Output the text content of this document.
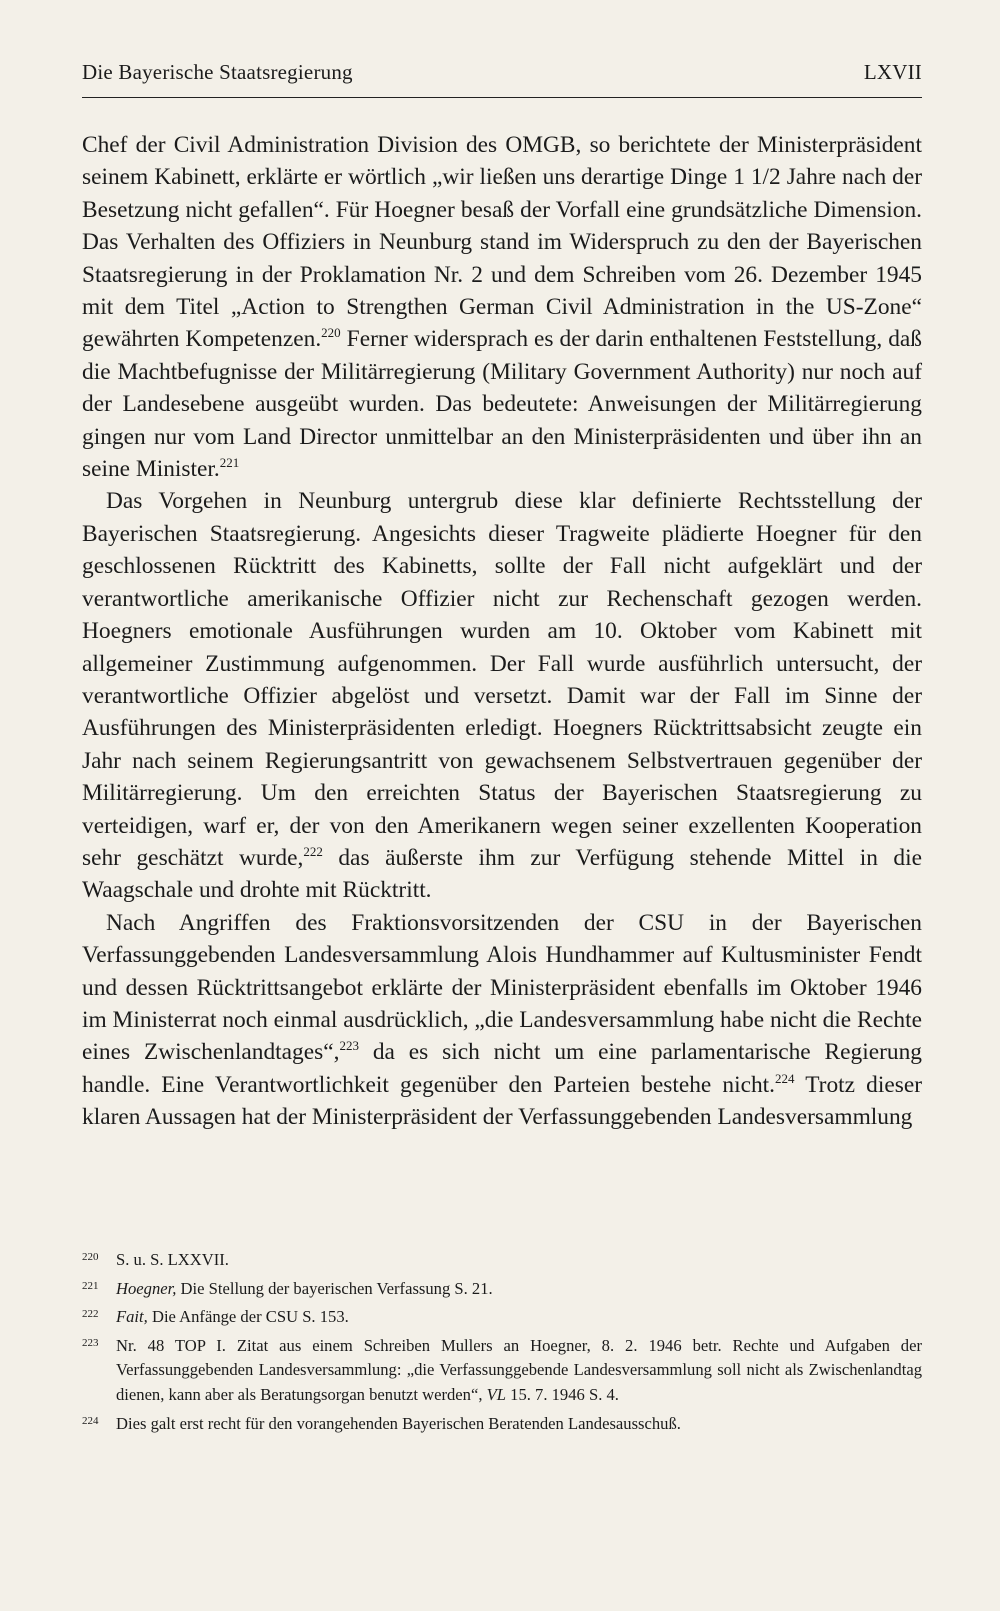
Die Bayerische Staatsregierung	LXVII

Chef der Civil Administration Division des OMGB, so berichtete der Ministerpräsident seinem Kabinett, erklärte er wörtlich „wir ließen uns derartige Dinge 1 1/2 Jahre nach der Besetzung nicht gefallen“. Für Hoegner besaß der Vorfall eine grundsätzliche Dimension. Das Verhalten des Offiziers in Neunburg stand im Widerspruch zu den der Bayerischen Staatsregierung in der Proklamation Nr. 2 und dem Schreiben vom 26. Dezember 1945 mit dem Titel „Action to Strengthen German Civil Administration in the US-Zone“ gewährten Kompetenzen.$^{220}$ Ferner widersprach es der darin enthaltenen Feststellung, daß die Machtbefugnisse der Militärregierung (Military Government Authority) nur noch auf der Landesebene ausgeübt wurden. Das bedeutete: Anweisungen der Militärregierung gingen nur vom Land Director unmittelbar an den Ministerpräsidenten und über ihn an seine Minister.$^{221}$

Das Vorgehen in Neunburg untergrub diese klar definierte Rechtsstellung der Bayerischen Staatsregierung. Angesichts dieser Tragweite plädierte Hoegner für den geschlossenen Rücktritt des Kabinetts, sollte der Fall nicht aufgeklärt und der verantwortliche amerikanische Offizier nicht zur Rechenschaft gezogen werden. Hoegners emotionale Ausführungen wurden am 10. Oktober vom Kabinett mit allgemeiner Zustimmung aufgenommen. Der Fall wurde ausführlich untersucht, der verantwortliche Offizier abgelöst und versetzt. Damit war der Fall im Sinne der Ausführungen des Ministerpräsidenten erledigt. Hoegners Rücktrittsabsicht zeugte ein Jahr nach seinem Regierungsantritt von gewachsenem Selbstvertrauen gegenüber der Militärregierung. Um den erreichten Status der Bayerischen Staatsregierung zu verteidigen, warf er, der von den Amerikanern wegen seiner exzellenten Kooperation sehr geschätzt wurde,$^{222}$ das äußerste ihm zur Verfügung stehende Mittel in die Waagschale und drohte mit Rücktritt.

Nach Angriffen des Fraktionsvorsitzenden der CSU in der Bayerischen Verfassunggebenden Landesversammlung Alois Hundhammer auf Kultusminister Fendt und dessen Rücktrittsangebot erklärte der Ministerpräsident ebenfalls im Oktober 1946 im Ministerrat noch einmal ausdrücklich, „die Landesversammlung habe nicht die Rechte eines Zwischenlandtages“,$^{223}$ da es sich nicht um eine parlamentarische Regierung handle. Eine Verantwortlichkeit gegenüber den Parteien bestehe nicht.$^{224}$ Trotz dieser klaren Aussagen hat der Ministerpräsident der Verfassunggebenden Landesversammlung

220	S. u. S. LXXVII.
221	Hoegner, Die Stellung der bayerischen Verfassung S. 21.
222	Fait, Die Anfänge der CSU S. 153.
223	Nr. 48 TOP I. Zitat aus einem Schreiben Mullers an Hoegner, 8. 2. 1946 betr. Rechte und Aufgaben der Verfassunggebenden Landesversammlung: „die Verfassunggebende Landesversammlung soll nicht als Zwischenlandtag dienen, kann aber als Beratungsorgan benutzt werden“, VL 15. 7. 1946 S. 4.
224	Dies galt erst recht für den vorangehenden Bayerischen Beratenden Landesausschuß.
